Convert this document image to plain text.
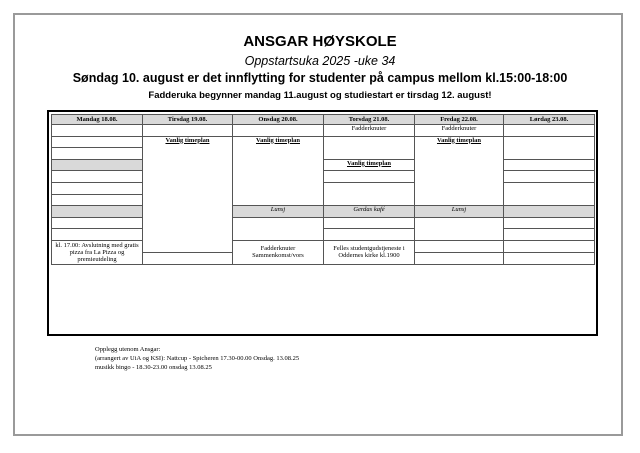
ANSGAR HØYSKOLE
Oppstartsuka 2025 -uke 34
Søndag 10. august er det innflytting for studenter på campus mellom kl.15:00-18:00
Fadderuka begynner mandag 11.august og studiestart er tirsdag 12. august!
Mandag 18.08.	Tirsdag 19.08.	Onsdag 20.08.	Torsdag 21.08.	Fredag 22.08.	Lørdag 23.08.	
			Fadderknuter	Fadderknuter		
	Vanlig timeplan	Vanlig timeplan		Vanlig timeplan		

			Vanlig timeplan			

		Lunsj	Gerdas kafé	Lunsj		

kl. 17.00: Avslutning med gratis pizza fra La Pizza og premieutdeling		Fadderknuter Sammenkomst/vors	Felles studentgudstjeneste i Oddernes kirke kl.1900			

Opplegg utenom Ansgar:
(arrangert av UiA og KSI): Nattcup - Spicheren 17.30-00.00 Onsdag. 13.08.25
musikk bingo - 18.30-23.00 onsdag 13.08.25
